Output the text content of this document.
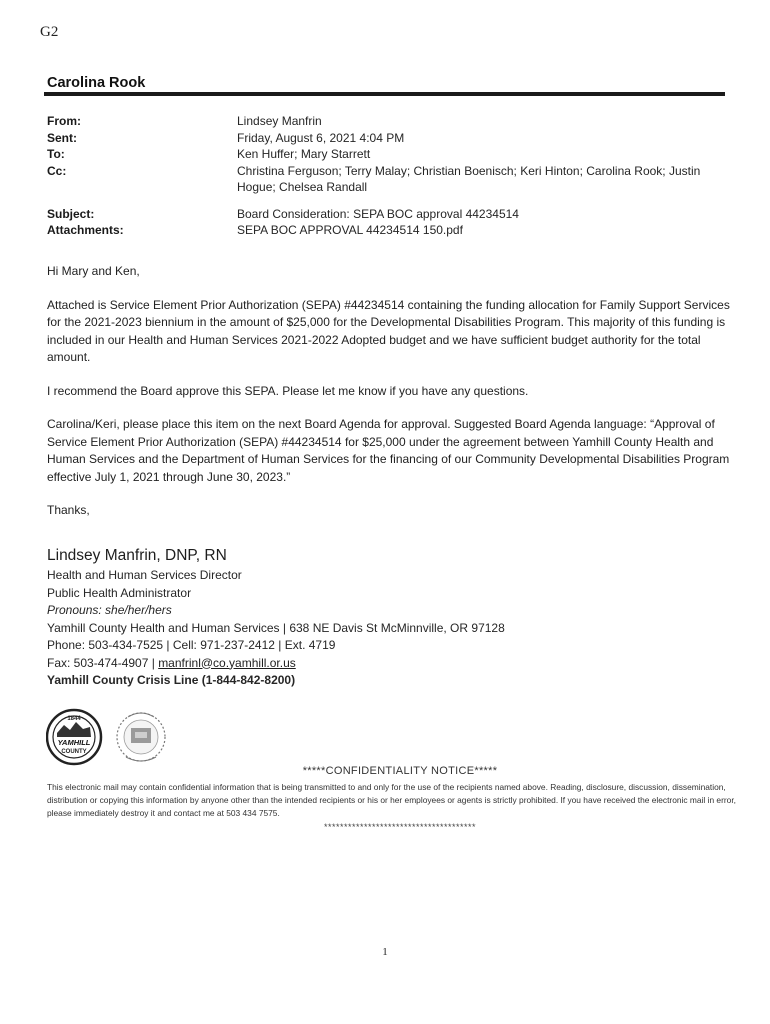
G2
Carolina Rook
From:	Lindsey Manfrin
Sent:	Friday, August 6, 2021 4:04 PM
To:	Ken Huffer; Mary Starrett
Cc:	Christina Ferguson; Terry Malay; Christian Boenisch; Keri Hinton; Carolina Rook; Justin Hogue; Chelsea Randall
Subject:	Board Consideration: SEPA BOC approval 44234514
Attachments:	SEPA BOC APPROVAL 44234514 150.pdf

Hi Mary and Ken,

Attached is Service Element Prior Authorization (SEPA) #44234514 containing the funding allocation for Family Support Services for the 2021-2023 biennium in the amount of $25,000 for the Developmental Disabilities Program. This majority of this funding is included in our Health and Human Services 2021-2022 Adopted budget and we have sufficient budget authority for the total amount.

I recommend the Board approve this SEPA. Please let me know if you have any questions.

Carolina/Keri, please place this item on the next Board Agenda for approval. Suggested Board Agenda language: “Approval of Service Element Prior Authorization (SEPA) #44234514 for $25,000 under the agreement between Yamhill County Health and Human Services and the Department of Human Services for the financing of our Community Developmental Disabilities Program effective July 1, 2021 through June 30, 2023.”

Thanks,

Lindsey Manfrin, DNP, RN
Health and Human Services Director
Public Health Administrator
Pronouns: she/her/hers
Yamhill County Health and Human Services | 638 NE Davis St McMinnville, OR 97128
Phone: 503-434-7525 | Cell: 971-237-2412 | Ext. 4719
Fax: 503-474-4907 | manfrinl@co.yamhill.or.us
Yamhill County Crisis Line (1-844-842-8200)
1844
YAMHILL
COUNTY
*****CONFIDENTIALITY NOTICE*****
This electronic mail may contain confidential information that is being transmitted to and only for the use of the recipients named above. Reading, disclosure, discussion, dissemination, distribution or copying this information by anyone other than the intended recipients or his or her employees or agents is strictly prohibited. If you have received the electronic mail in error, please immediately destroy it and contact me at 503 434 7575.
**************************************
1
